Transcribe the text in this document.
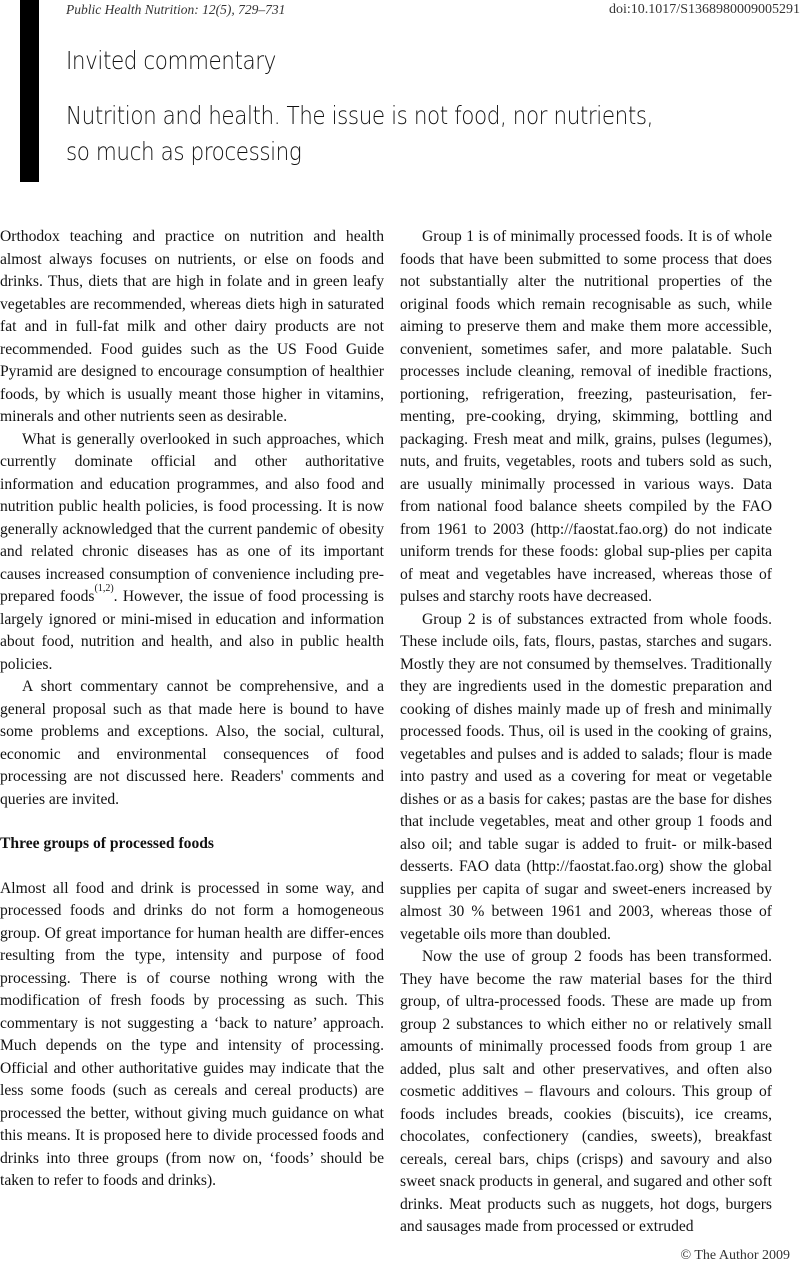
Public Health Nutrition: 12(5), 729–731	doi:10.1017/S1368980009005291
Invited commentary
Nutrition and health. The issue is not food, nor nutrients,
so much as processing

Orthodox teaching and practice on nutrition and health almost always focuses on nutrients, or else on foods and drinks. Thus, diets that are high in folate and in green leafy vegetables are recommended, whereas diets high in saturated fat and in full-fat milk and other dairy products are not recommended. Food guides such as the US Food Guide Pyramid are designed to encourage consumption of healthier foods, by which is usually meant those higher in vitamins, minerals and other nutrients seen as desirable.

What is generally overlooked in such approaches, which currently dominate official and other authoritative information and education programmes, and also food and nutrition public health policies, is food processing. It is now generally acknowledged that the current pandemic of obesity and related chronic diseases has as one of its important causes increased consumption of convenience including pre-prepared foods$^{(1,2)}$. However, the issue of food processing is largely ignored or mini-mised in education and information about food, nutrition and health, and also in public health policies.

A short commentary cannot be comprehensive, and a general proposal such as that made here is bound to have some problems and exceptions. Also, the social, cultural, economic and environmental consequences of food processing are not discussed here. Readers' comments and queries are invited.

Three groups of processed foods

Almost all food and drink is processed in some way, and processed foods and drinks do not form a homogeneous group. Of great importance for human health are differ-ences resulting from the type, intensity and purpose of food processing. There is of course nothing wrong with the modification of fresh foods by processing as such. This commentary is not suggesting a ‘back to nature’ approach. Much depends on the type and intensity of processing. Official and other authoritative guides may indicate that the less some foods (such as cereals and cereal products) are processed the better, without giving much guidance on what this means. It is proposed here to divide processed foods and drinks into three groups (from now on, ‘foods’ should be taken to refer to foods and drinks).

Group 1 is of minimally processed foods. It is of whole foods that have been submitted to some process that does not substantially alter the nutritional properties of the original foods which remain recognisable as such, while aiming to preserve them and make them more accessible, convenient, sometimes safer, and more palatable. Such processes include cleaning, removal of inedible fractions, portioning, refrigeration, freezing, pasteurisation, fer-menting, pre-cooking, drying, skimming, bottling and packaging. Fresh meat and milk, grains, pulses (legumes), nuts, and fruits, vegetables, roots and tubers sold as such, are usually minimally processed in various ways. Data from national food balance sheets compiled by the FAO from 1961 to 2003 (http://faostat.fao.org) do not indicate uniform trends for these foods: global sup-plies per capita of meat and vegetables have increased, whereas those of pulses and starchy roots have decreased.

Group 2 is of substances extracted from whole foods. These include oils, fats, flours, pastas, starches and sugars. Mostly they are not consumed by themselves. Traditionally they are ingredients used in the domestic preparation and cooking of dishes mainly made up of fresh and minimally processed foods. Thus, oil is used in the cooking of grains, vegetables and pulses and is added to salads; flour is made into pastry and used as a covering for meat or vegetable dishes or as a basis for cakes; pastas are the base for dishes that include vegetables, meat and other group 1 foods and also oil; and table sugar is added to fruit- or milk-based desserts. FAO data (http://faostat.fao.org) show the global supplies per capita of sugar and sweet-eners increased by almost 30 % between 1961 and 2003, whereas those of vegetable oils more than doubled.

Now the use of group 2 foods has been transformed. They have become the raw material bases for the third group, of ultra-processed foods. These are made up from group 2 substances to which either no or relatively small amounts of minimally processed foods from group 1 are added, plus salt and other preservatives, and often also cosmetic additives – flavours and colours. This group of foods includes breads, cookies (biscuits), ice creams, chocolates, confectionery (candies, sweets), breakfast cereals, cereal bars, chips (crisps) and savoury and also sweet snack products in general, and sugared and other soft drinks. Meat products such as nuggets, hot dogs, burgers and sausages made from processed or extruded

© The Author 2009
